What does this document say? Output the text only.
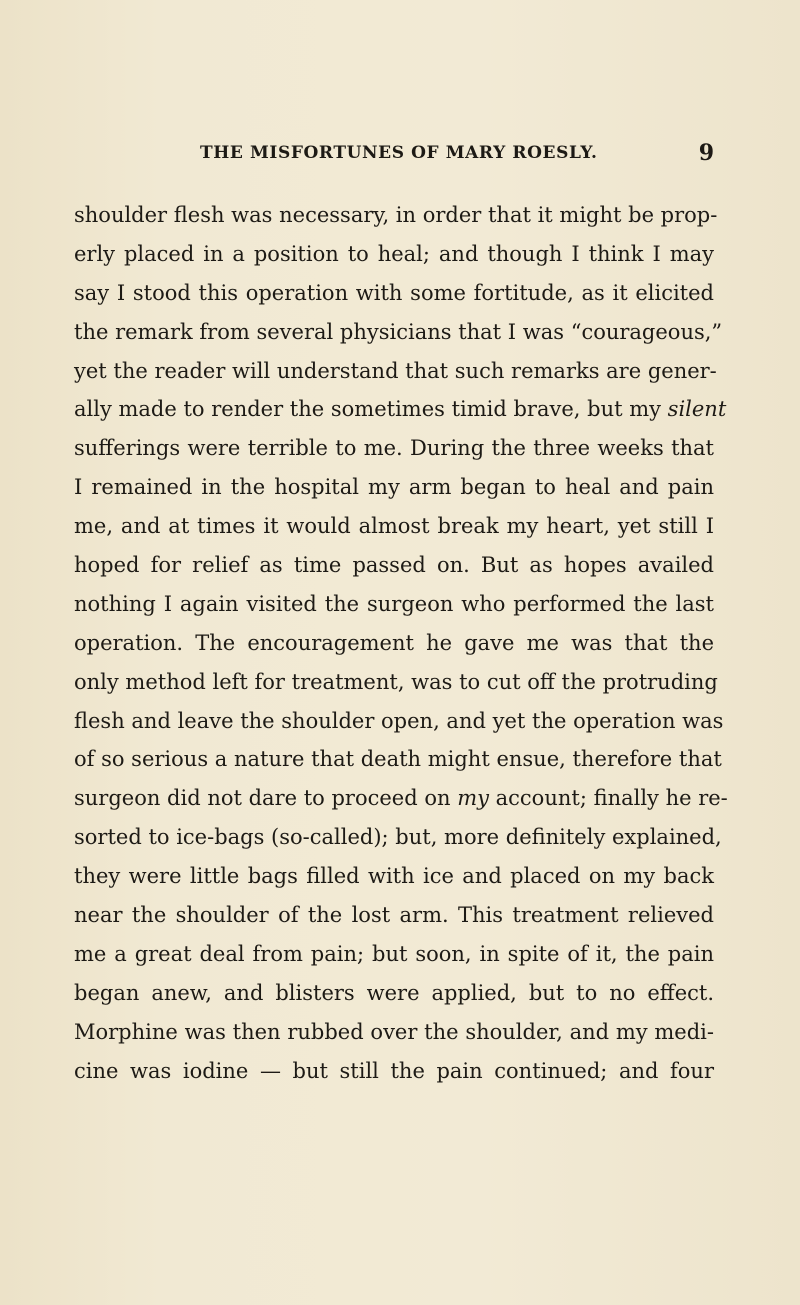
THE MISFORTUNES OF MARY ROESLY.	9
shoulder flesh was necessary, in order that it might be prop-
erly placed in a position to heal; and though I think I may
say I stood this operation with some fortitude, as it elicited
the remark from several physicians that I was “courageous,”
yet the reader will understand that such remarks are gener-
ally made to render the sometimes timid brave, but my silent
sufferings were terrible to me. During the three weeks that
I remained in the hospital my arm began to heal and pain
me, and at times it would almost break my heart, yet still I
hoped for relief as time passed on. But as hopes availed
nothing I again visited the surgeon who performed the last
operation. The encouragement he gave me was that the
only method left for treatment, was to cut off the protruding
flesh and leave the shoulder open, and yet the operation was
of so serious a nature that death might ensue, therefore that
surgeon did not dare to proceed on my account; finally he re-
sorted to ice-bags (so-called); but, more definitely explained,
they were little bags filled with ice and placed on my back
near the shoulder of the lost arm. This treatment relieved
me a great deal from pain; but soon, in spite of it, the pain
began anew, and blisters were applied, but to no effect.
Morphine was then rubbed over the shoulder, and my medi-
cine was iodine — but still the pain continued; and four
